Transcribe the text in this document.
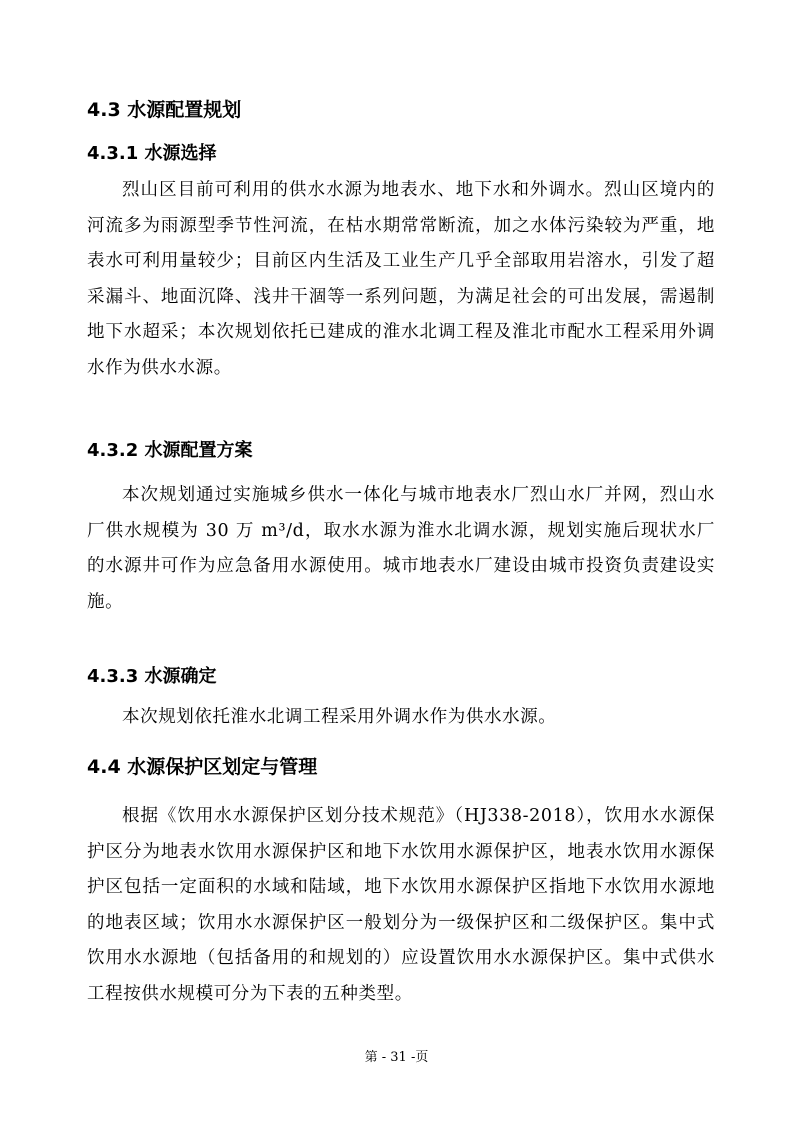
4.3 水源配置规划
4.3.1 水源选择

烈山区目前可利用的供水水源为地表水、地下水和外调水。烈山区境内的河流多为雨源型季节性河流，在枯水期常常断流，加之水体污染较为严重，地表水可利用量较少；目前区内生活及工业生产几乎全部取用岩溶水，引发了超采漏斗、地面沉降、浅井干涸等一系列问题，为满足社会的可出发展，需遏制地下水超采；本次规划依托已建成的淮水北调工程及淮北市配水工程采用外调水作为供水水源。

4.3.2 水源配置方案

本次规划通过实施城乡供水一体化与城市地表水厂烈山水厂并网，烈山水厂供水规模为 30 万 m³/d，取水水源为淮水北调水源，规划实施后现状水厂的水源井可作为应急备用水源使用。城市地表水厂建设由城市投资负责建设实施。

4.3.3 水源确定

本次规划依托淮水北调工程采用外调水作为供水水源。

4.4 水源保护区划定与管理

根据《饮用水水源保护区划分技术规范》（HJ338-2018），饮用水水源保护区分为地表水饮用水源保护区和地下水饮用水源保护区，地表水饮用水源保护区包括一定面积的水域和陆域，地下水饮用水源保护区指地下水饮用水源地的地表区域；饮用水水源保护区一般划分为一级保护区和二级保护区。集中式饮用水水源地（包括备用的和规划的）应设置饮用水水源保护区。集中式供水工程按供水规模可分为下表的五种类型。

第 - 31 -页
